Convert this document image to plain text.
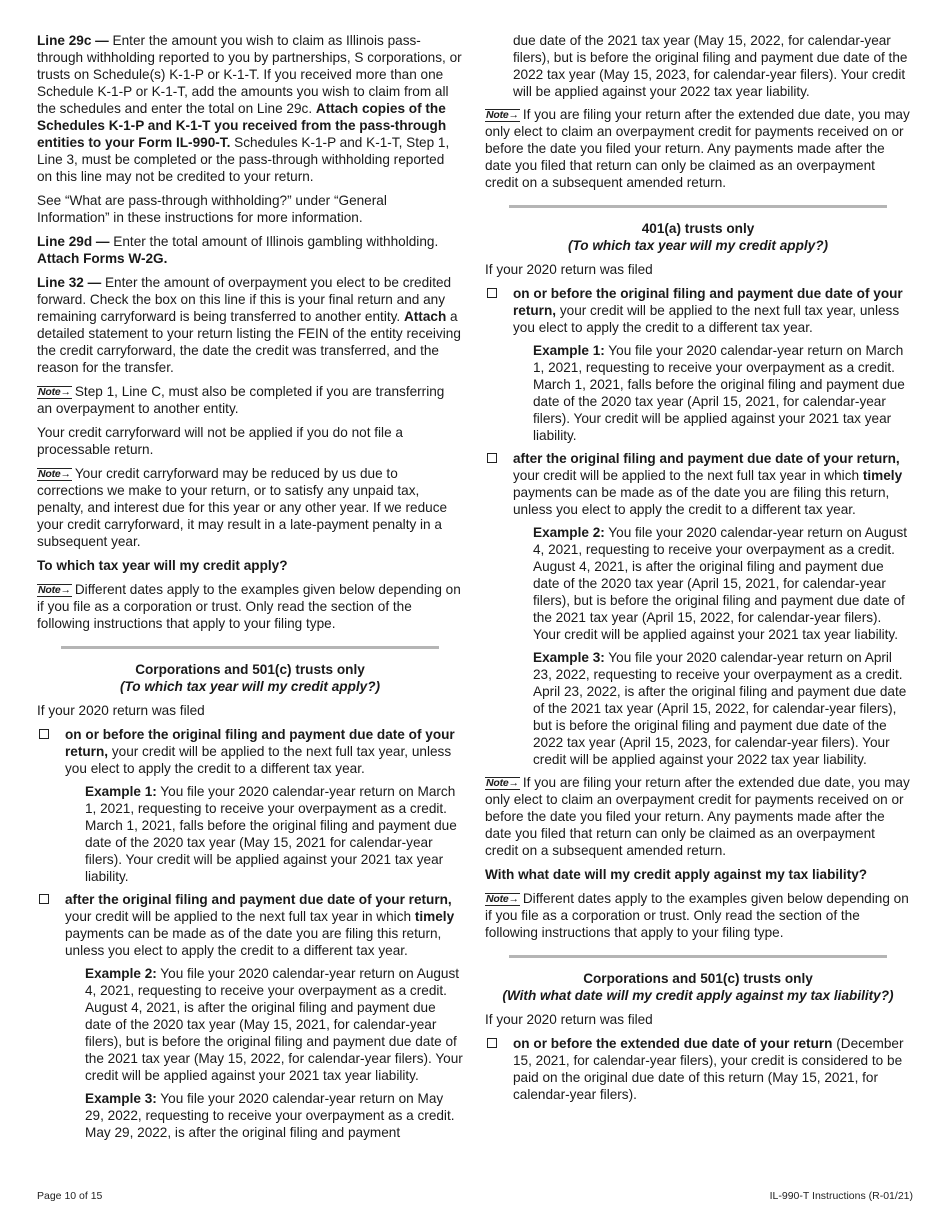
Line 29c — Enter the amount you wish to claim as Illinois pass-through withholding reported to you by partnerships, S corporations, or trusts on Schedule(s) K-1-P or K-1-T. If you received more than one Schedule K-1-P or K-1-T, add the amounts you wish to claim from all the schedules and enter the total on Line 29c. Attach copies of the Schedules K-1-P and K-1-T you received from the pass-through entities to your Form IL-990-T. Schedules K-1-P and K-1-T, Step 1, Line 3, must be completed or the pass-through withholding reported on this line may not be credited to your return.

See “What are pass-through withholding?” under “General Information” in these instructions for more information.

Line 29d — Enter the total amount of Illinois gambling withholding. Attach Forms W-2G.

Line 32 — Enter the amount of overpayment you elect to be credited forward. Check the box on this line if this is your final return and any remaining carryforward is being transferred to another entity. Attach a detailed statement to your return listing the FEIN of the entity receiving the credit carryforward, the date the credit was transferred, and the reason for the transfer.

Note→ Step 1, Line C, must also be completed if you are transferring an overpayment to another entity.

Your credit carryforward will not be applied if you do not file a processable return.

Note→ Your credit carryforward may be reduced by us due to corrections we make to your return, or to satisfy any unpaid tax, penalty, and interest due for this year or any other year. If we reduce your credit carryforward, it may result in a late-payment penalty in a subsequent year.

To which tax year will my credit apply?

Note→ Different dates apply to the examples given below depending on if you file as a corporation or trust. Only read the section of the following instructions that apply to your filing type.

Corporations and 501(c) trusts only

(To which tax year will my credit apply?)

If your 2020 return was filed

on or before the original filing and payment due date of your return, your credit will be applied to the next full tax year, unless you elect to apply the credit to a different tax year.

Example 1: You file your 2020 calendar-year return on March 1, 2021, requesting to receive your overpayment as a credit. March 1, 2021, falls before the original filing and payment due date of the 2020 tax year (May 15, 2021 for calendar-year filers). Your credit will be applied against your 2021 tax year liability.

after the original filing and payment due date of your return, your credit will be applied to the next full tax year in which timely payments can be made as of the date you are filing this return, unless you elect to apply the credit to a different tax year.

Example 2: You file your 2020 calendar-year return on August 4, 2021, requesting to receive your overpayment as a credit. August 4, 2021, is after the original filing and payment due date of the 2020 tax year (May 15, 2021, for calendar-year filers), but is before the original filing and payment due date of the 2021 tax year (May 15, 2022, for calendar-year filers). Your credit will be applied against your 2021 tax year liability.

Example 3: You file your 2020 calendar-year return on May 29, 2022, requesting to receive your overpayment as a credit. May 29, 2022, is after the original filing and payment

due date of the 2021 tax year (May 15, 2022, for calendar-year filers), but is before the original filing and payment due date of the 2022 tax year (May 15, 2023, for calendar-year filers). Your credit will be applied against your 2022 tax year liability.

Note→ If you are filing your return after the extended due date, you may only elect to claim an overpayment credit for payments received on or before the date you filed your return. Any payments made after the date you filed that return can only be claimed as an overpayment credit on a subsequent amended return.

401(a) trusts only

(To which tax year will my credit apply?)

If your 2020 return was filed

on or before the original filing and payment due date of your return, your credit will be applied to the next full tax year, unless you elect to apply the credit to a different tax year.

Example 1: You file your 2020 calendar-year return on March 1, 2021, requesting to receive your overpayment as a credit. March 1, 2021, falls before the original filing and payment due date of the 2020 tax year (April 15, 2021, for calendar-year filers). Your credit will be applied against your 2021 tax year liability.

after the original filing and payment due date of your return, your credit will be applied to the next full tax year in which timely payments can be made as of the date you are filing this return, unless you elect to apply the credit to a different tax year.

Example 2: You file your 2020 calendar-year return on August 4, 2021, requesting to receive your overpayment as a credit. August 4, 2021, is after the original filing and payment due date of the 2020 tax year (April 15, 2021, for calendar-year filers), but is before the original filing and payment due date of the 2021 tax year (April 15, 2022, for calendar-year filers). Your credit will be applied against your 2021 tax year liability.

Example 3: You file your 2020 calendar-year return on April 23, 2022, requesting to receive your overpayment as a credit. April 23, 2022, is after the original filing and payment due date of the 2021 tax year (April 15, 2022, for calendar-year filers), but is before the original filing and payment due date of the 2022 tax year (April 15, 2023, for calendar-year filers). Your credit will be applied against your 2022 tax year liability.

Note→ If you are filing your return after the extended due date, you may only elect to claim an overpayment credit for payments received on or before the date you filed your return. Any payments made after the date you filed that return can only be claimed as an overpayment credit on a subsequent amended return.

With what date will my credit apply against my tax liability?

Note→ Different dates apply to the examples given below depending on if you file as a corporation or trust. Only read the section of the following instructions that apply to your filing type.

Corporations and 501(c) trusts only

(With what date will my credit apply against my tax liability?)

If your 2020 return was filed

on or before the extended due date of your return (December 15, 2021, for calendar-year filers), your credit is considered to be paid on the original due date of this return (May 15, 2021, for calendar-year filers).
Page 10 of 15	IL-990-T Instructions (R-01/21)
